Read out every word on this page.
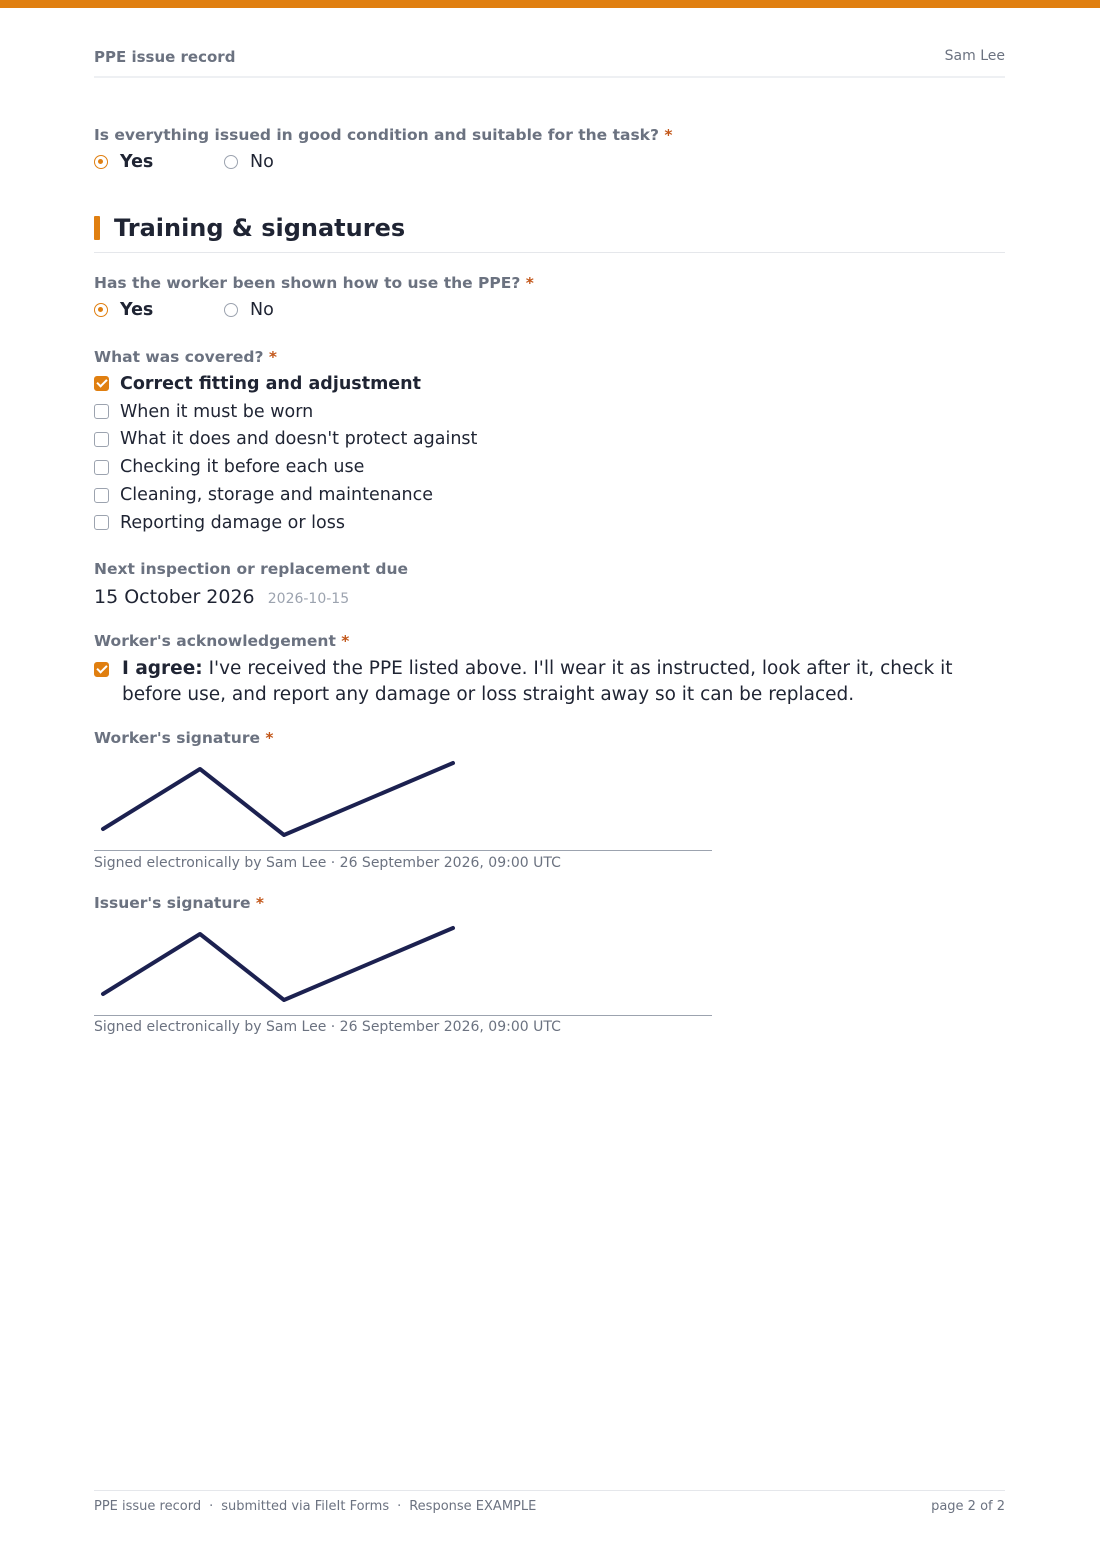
PPE issue record	Sam Lee
Is everything issued in good condition and suitable for the task? *
Yes	No
Training & signatures
Has the worker been shown how to use the PPE? *
Yes	No
What was covered? *
Correct fitting and adjustment
When it must be worn
What it does and doesn't protect against
Checking it before each use
Cleaning, storage and maintenance
Reporting damage or loss
Next inspection or replacement due
15 October 2026 2026-10-15
Worker's acknowledgement *
I agree: I've received the PPE listed above. I'll wear it as instructed, look after it, check it before use, and report any damage or loss straight away so it can be replaced.
Worker's signature *
Signed electronically by Sam Lee · 26 September 2026, 09:00 UTC
Issuer's signature *
Signed electronically by Sam Lee · 26 September 2026, 09:00 UTC
PPE issue record · submitted via FileIt Forms · Response EXAMPLE	page 2 of 2
